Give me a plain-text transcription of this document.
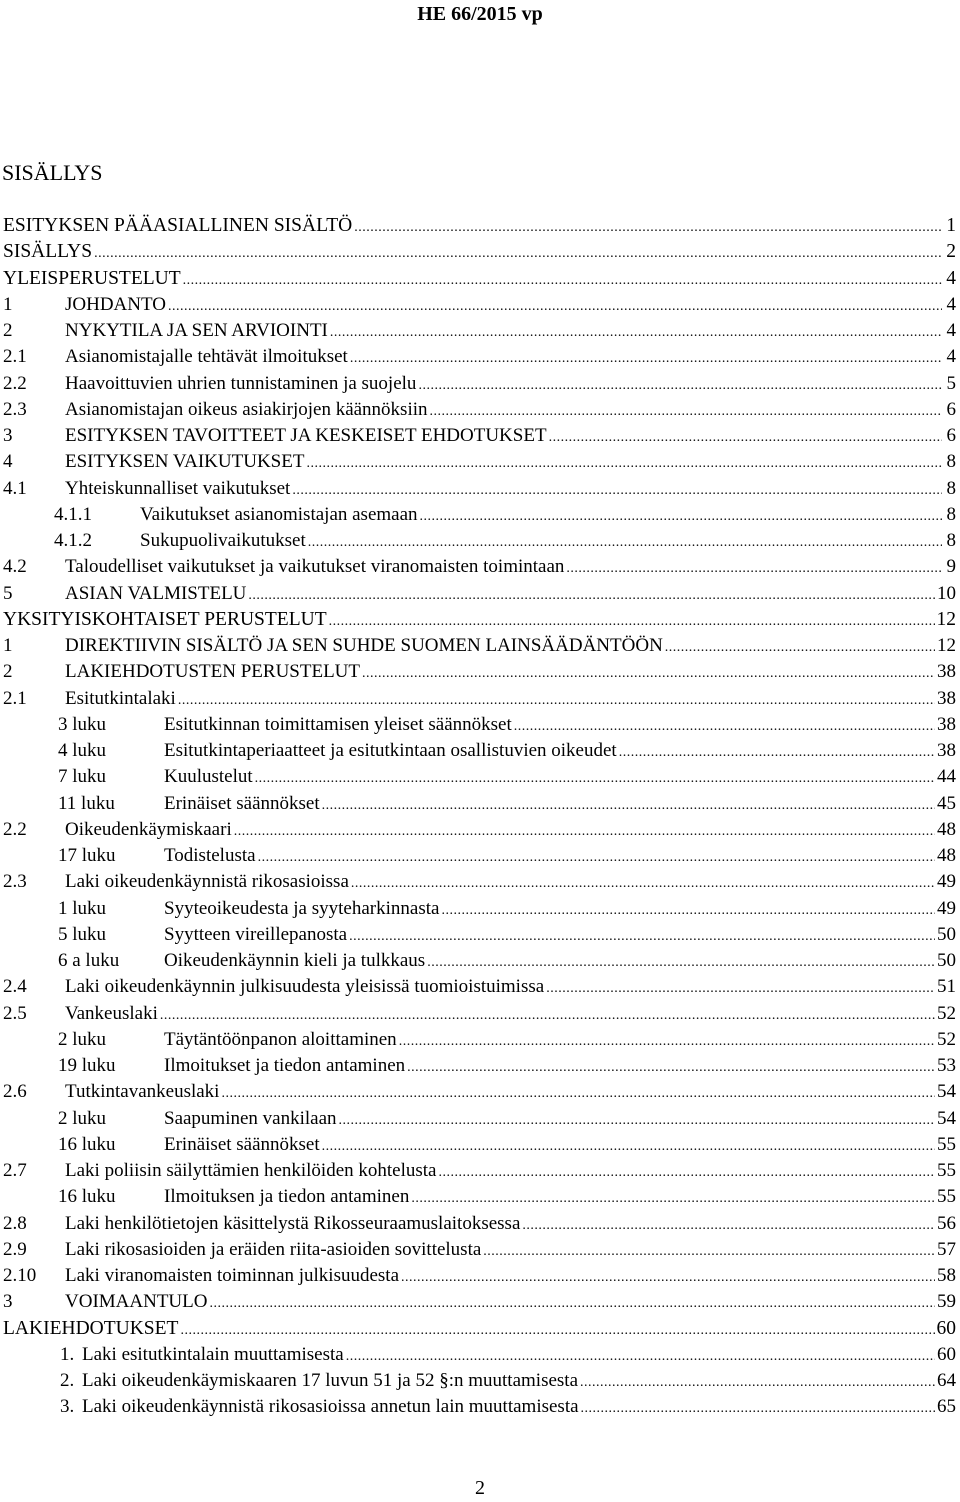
HE 66/2015 vp
SISÄLLYS
ESITYKSEN PÄÄASIALLINEN SISÄLTÖ .....	1
SISÄLLYS .....	2
YLEISPERUSTELUT .....	4
1	JOHDANTO .....	4
2	NYKYTILA JA SEN ARVIOINTI .....	4
2.1	Asianomistajalle tehtävät ilmoitukset .....	4
2.2	Haavoittuvien uhrien tunnistaminen ja suojelu .....	5
2.3	Asianomistajan oikeus asiakirjojen käännöksiin .....	6
3	ESITYKSEN TAVOITTEET JA KESKEISET EHDOTUKSET .....	6
4	ESITYKSEN VAIKUTUKSET .....	8
4.1	Yhteiskunnalliset vaikutukset .....	8
4.1.1	Vaikutukset asianomistajan asemaan .....	8
4.1.2	Sukupuolivaikutukset .....	8
4.2	Taloudelliset vaikutukset ja vaikutukset viranomaisten toimintaan .....	9
5	ASIAN VALMISTELU .....	10
YKSITYISKOHTAISET PERUSTELUT .....	12
1	DIREKTIIVIN SISÄLTÖ JA SEN SUHDE SUOMEN LAINSÄÄDÄNTÖÖN .....	12
2	LAKIEHDOTUSTEN PERUSTELUT .....	38
2.1	Esitutkintalaki .....	38
3 luku	Esitutkinnan toimittamisen yleiset säännökset .....	38
4 luku	Esitutkintaperiaatteet ja esitutkintaan osallistuvien oikeudet .....	38
7 luku	Kuulustelut .....	44
11 luku	Erinäiset säännökset .....	45
2.2	Oikeudenkäymiskaari .....	48
17 luku	Todistelusta .....	48
2.3	Laki oikeudenkäynnistä rikosasioissa .....	49
1 luku	Syyteoikeudesta ja syyteharkinnasta .....	49
5 luku	Syytteen vireillepanosta .....	50
6 a luku	Oikeudenkäynnin kieli ja tulkkaus .....	50
2.4	Laki oikeudenkäynnin julkisuudesta yleisissä tuomioistuimissa .....	51
2.5	Vankeuslaki .....	52
2 luku	Täytäntöönpanon aloittaminen .....	52
19 luku	Ilmoitukset ja tiedon antaminen .....	53
2.6	Tutkintavankeuslaki .....	54
2 luku	Saapuminen vankilaan .....	54
16 luku	Erinäiset säännökset .....	55
2.7	Laki poliisin säilyttämien henkilöiden kohtelusta .....	55
16 luku	Ilmoituksen ja tiedon antaminen .....	55
2.8	Laki henkilötietojen käsittelystä Rikosseuraamuslaitoksessa .....	56
2.9	Laki rikosasioiden ja eräiden riita-asioiden sovittelusta .....	57
2.10	Laki viranomaisten toiminnan julkisuudesta .....	58
3	VOIMAANTULO .....	59
LAKIEHDOTUKSET .....	60
1. Laki esitutkintalain muuttamisesta .....	60
2. Laki oikeudenkäymiskaaren 17 luvun 51 ja 52 §:n muuttamisesta .....	64
3. Laki oikeudenkäynnistä rikosasioissa annetun lain muuttamisesta .....	65
2
